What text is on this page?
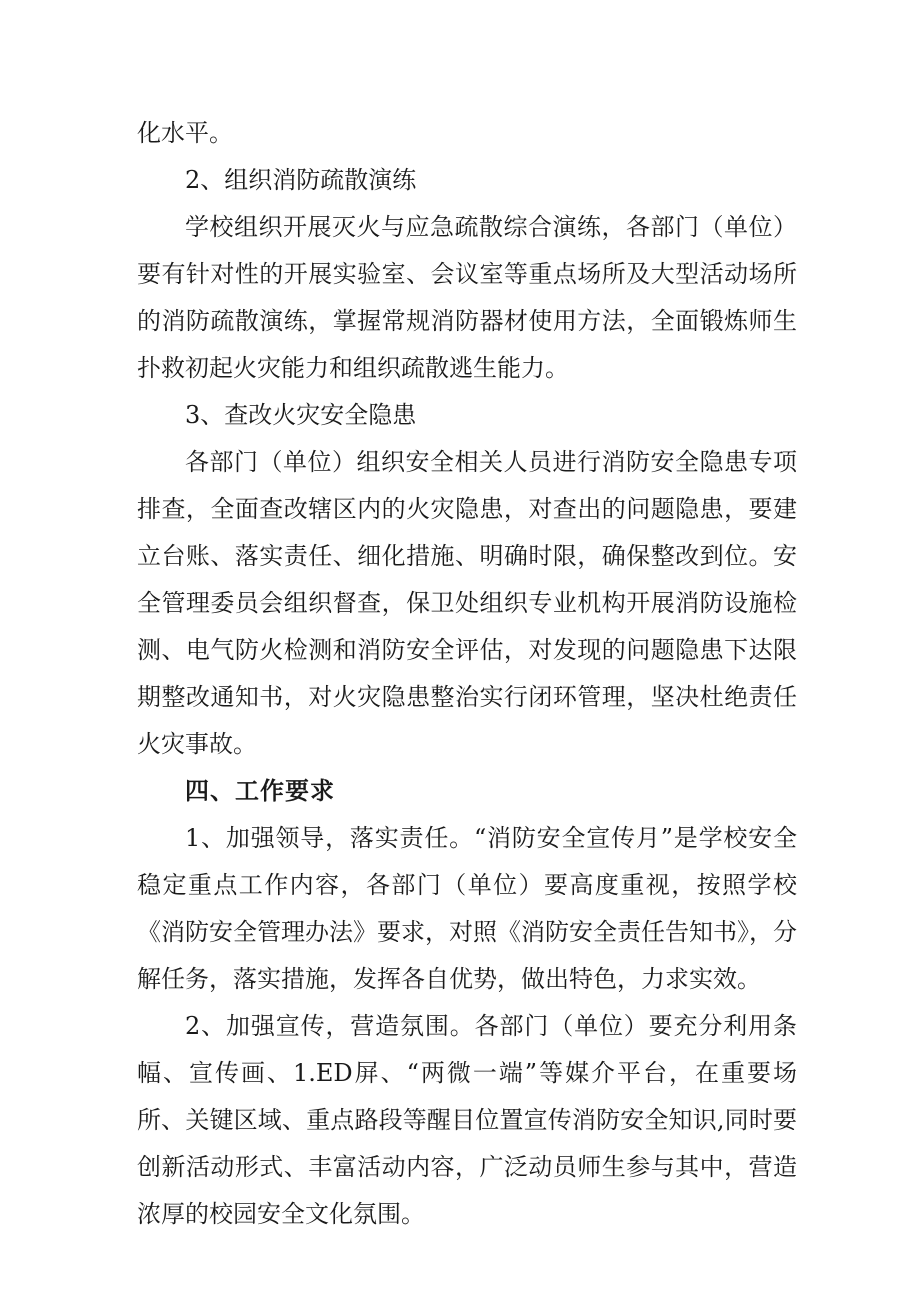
化水平。

2、组织消防疏散演练

学校组织开展灭火与应急疏散综合演练，各部门（单位）要有针对性的开展实验室、会议室等重点场所及大型活动场所的消防疏散演练，掌握常规消防器材使用方法，全面锻炼师生扑救初起火灾能力和组织疏散逃生能力。

3、查改火灾安全隐患

各部门（单位）组织安全相关人员进行消防安全隐患专项排查，全面查改辖区内的火灾隐患，对查出的问题隐患，要建立台账、落实责任、细化措施、明确时限，确保整改到位。安全管理委员会组织督查，保卫处组织专业机构开展消防设施检测、电气防火检测和消防安全评估，对发现的问题隐患下达限期整改通知书，对火灾隐患整治实行闭环管理，坚决杜绝责任火灾事故。

四、工作要求

1、加强领导，落实责任。“消防安全宣传月”是学校安全稳定重点工作内容，各部门（单位）要高度重视，按照学校《消防安全管理办法》要求，对照《消防安全责任告知书》，分解任务，落实措施，发挥各自优势，做出特色，力求实效。

2、加强宣传，营造氛围。各部门（单位）要充分利用条幅、宣传画、1.ED屏、“两微一端”等媒介平台，在重要场所、关键区域、重点路段等醒目位置宣传消防安全知识,同时要创新活动形式、丰富活动内容，广泛动员师生参与其中，营造浓厚的校园安全文化氛围。
